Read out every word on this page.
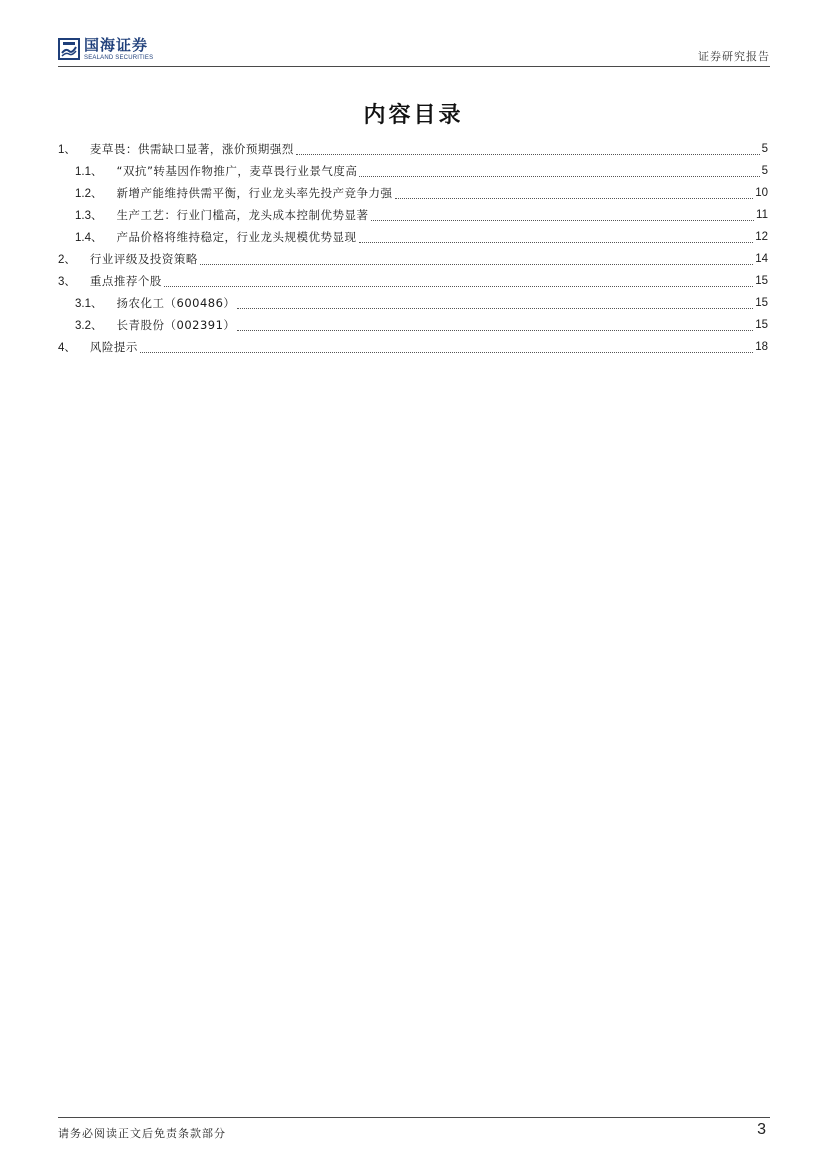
国海证券
SEALAND SECURITIES	证券研究报告
内容目录
1、 麦草畏：供需缺口显著，涨价预期强烈	5
1.1、 “双抗”转基因作物推广，麦草畏行业景气度高	5
1.2、 新增产能维持供需平衡，行业龙头率先投产竞争力强	10
1.3、 生产工艺：行业门槛高，龙头成本控制优势显著	11
1.4、 产品价格将维持稳定，行业龙头规模优势显现	12
2、 行业评级及投资策略	14
3、 重点推荐个股	15
3.1、 扬农化工（600486）	15
3.2、 长青股份（002391）	15
4、 风险提示	18
请务必阅读正文后免责条款部分	3
